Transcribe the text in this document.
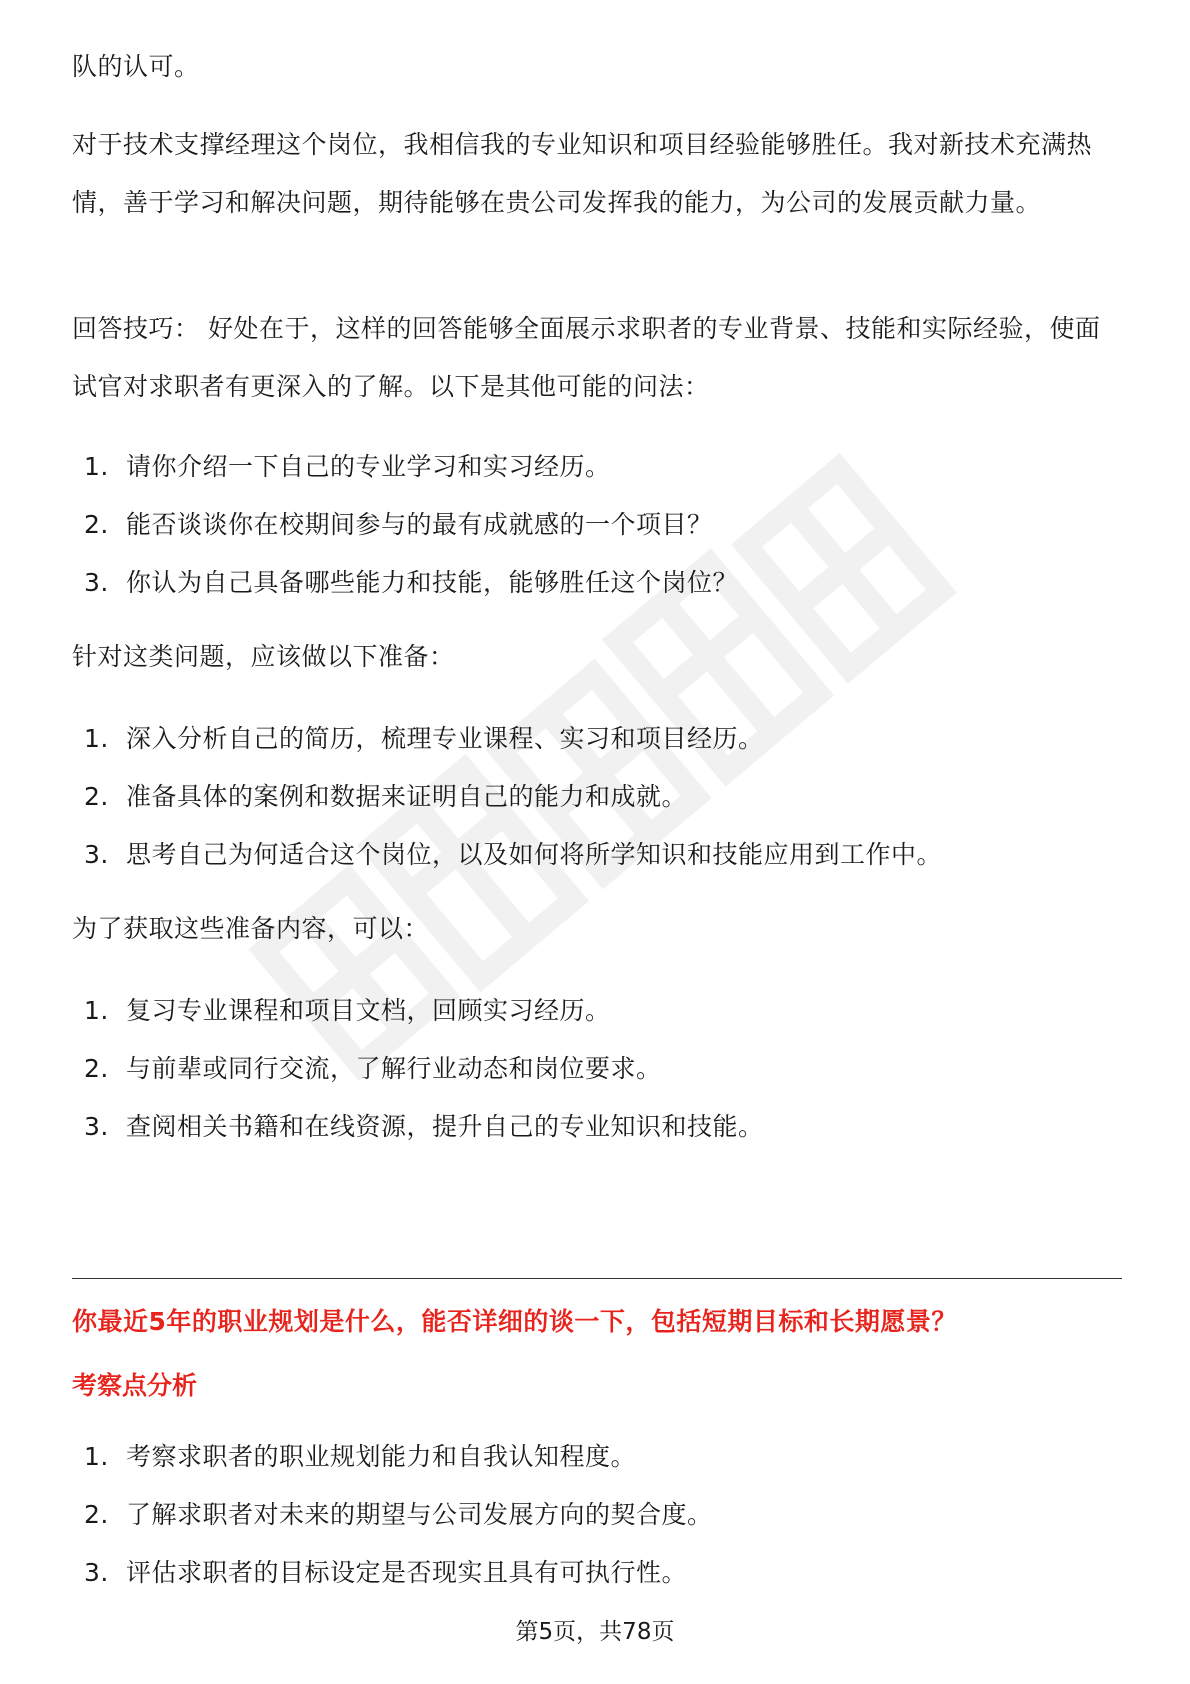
队的认可。

对于技术支撑经理这个岗位，我相信我的专业知识和项目经验能够胜任。我对新技术充满热情，善于学习和解决问题，期待能够在贵公司发挥我的能力，为公司的发展贡献力量。

回答技巧： 好处在于，这样的回答能够全面展示求职者的专业背景、技能和实际经验，使面试官对求职者有更深入的了解。以下是其他可能的问法：

1. 请你介绍一下自己的专业学习和实习经历。
2. 能否谈谈你在校期间参与的最有成就感的一个项目？
3. 你认为自己具备哪些能力和技能，能够胜任这个岗位？

针对这类问题，应该做以下准备：

1. 深入分析自己的简历，梳理专业课程、实习和项目经历。
2. 准备具体的案例和数据来证明自己的能力和成就。
3. 思考自己为何适合这个岗位，以及如何将所学知识和技能应用到工作中。

为了获取这些准备内容，可以：

1. 复习专业课程和项目文档，回顾实习经历。
2. 与前辈或同行交流，了解行业动态和岗位要求。
3. 查阅相关书籍和在线资源，提升自己的专业知识和技能。
你最近5年的职业规划是什么，能否详细的谈一下，包括短期目标和长期愿景？
考察点分析
1. 考察求职者的职业规划能力和自我认知程度。
2. 了解求职者对未来的期望与公司发展方向的契合度。
3. 评估求职者的目标设定是否现实且具有可执行性。
第5页，共78页
